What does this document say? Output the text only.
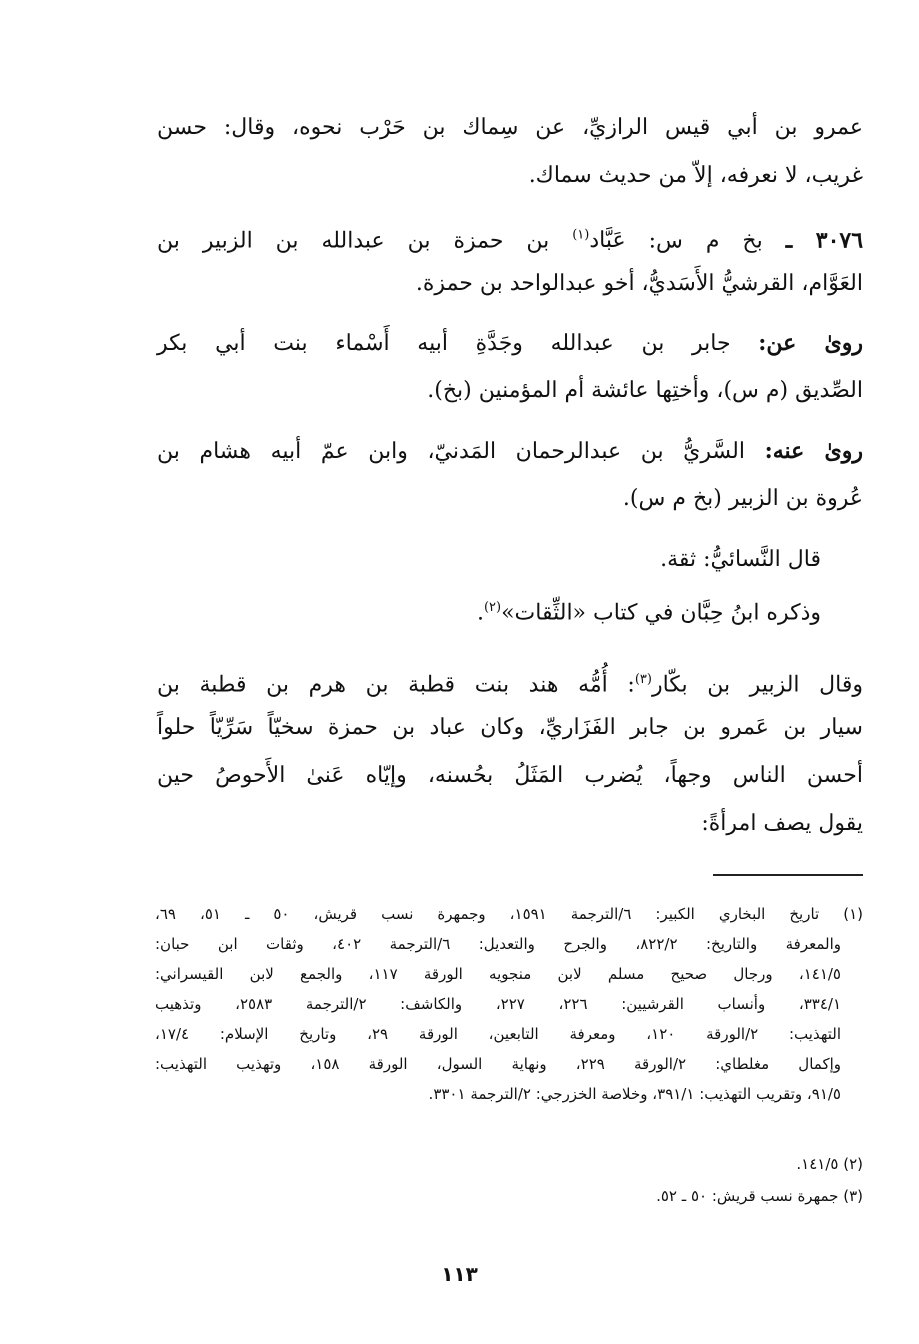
عمرو بن أبي قيس الرازيِّ، عن سِماك بن حَرْب نحوه، وقال: حسن
غريب، لا نعرفه، إلاّ من حديث سماك.
٣٠٧٦ ـ بخ م س: عَبَّاد$^{(١)}$ بن حمزة بن عبدالله بن الزبير بن
العَوَّام، القرشيُّ الأَسَديُّ، أخو عبدالواحد بن حمزة.
روىٰ عن: جابر بن عبدالله وجَدَّةِ أبيه أَسْماء بنت أبي بكر
الصِّديق (م س)، وأختِها عائشة أم المؤمنين (بخ).
روىٰ عنه: السَّريُّ بن عبدالرحمان المَدنيّ، وابن عمّ أبيه هشام بن
عُروة بن الزبير (بخ م س).
قال النَّسائيُّ: ثقة.
وذكره ابنُ حِبَّان في كتاب «الثِّقات»$^{(٢)}$.
وقال الزبير بن بكّار$^{(٣)}$: أُمُّه هند بنت قطبة بن هرم بن قطبة بن
سيار بن عَمرو بن جابر الفَزَاريِّ، وكان عباد بن حمزة سخيّاً سَرِّيّاً حلواً
أحسن الناس وجهاً، يُضرب المَثَلُ بحُسنه، وإيّاه عَنىٰ الأَحوصُ حين
يقول يصف امرأةً:
(١) تاريخ البخاري الكبير: ٦/الترجمة ١٥٩١، وجمهرة نسب قريش، ٥٠ ـ ٥١، ٦٩،
والمعرفة والتاريخ: ٨٢٢/٢، والجرح والتعديل: ٦/الترجمة ٤٠٢، وثقات ابن حبان:
١٤١/٥، ورجال صحيح مسلم لابن منجويه الورقة ١١٧، والجمع لابن القيسراني:
٣٣٤/١، وأنساب القرشيين: ٢٢٦، ٢٢٧، والكاشف: ٢/الترجمة ٢٥٨٣، وتذهيب
التهذيب: ٢/الورقة ١٢٠، ومعرفة التابعين، الورقة ٢٩، وتاريخ الإسلام: ١٧/٤،
وإكمال مغلطاي: ٢/الورقة ٢٢٩، ونهاية السول، الورقة ١٥٨، وتهذيب التهذيب:
٩١/٥، وتقريب التهذيب: ٣٩١/١، وخلاصة الخزرجي: ٢/الترجمة ٣٣٠١.
(٢) ١٤١/٥.
(٣) جمهرة نسب قريش: ٥٠ ـ ٥٢.
١١٣
